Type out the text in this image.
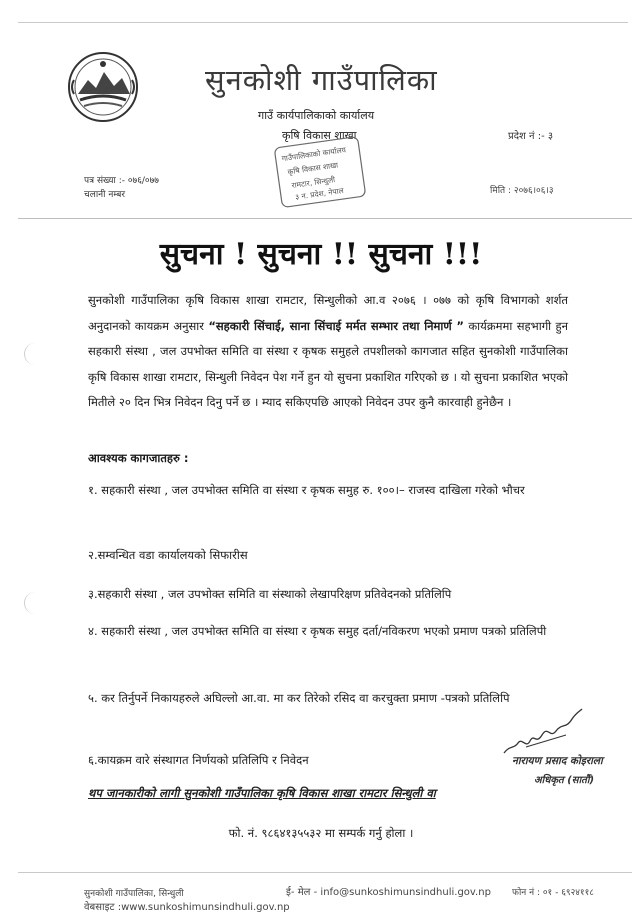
सुनकोशी गाउँपालिका
गाउँ कार्यपालिकाको कार्यालय
कृषि विकास शाखा	प्रदेश नं :- ३
गाउँपालिकाको कार्यालय
कृषि विकास शाखा
रामटार, सिन्धुली
३ न. प्रदेश, नेपाल
पत्र संख्या :- ०७६/०७७
चलानी नम्बर	मिति : २०७६।०६।३
सुचना ! सुचना !! सुचना !!!
सुनकोशी गाउँपालिका कृषि विकास शाखा रामटार, सिन्धुलीको आ.व २०७६ । ०७७ को कृषि विभागको शर्शत अनुदानको कायक्रम अनुसार “सहकारी सिंचाई, साना सिंचाई मर्मत सम्भार तथा निमार्ण ” कार्यक्रममा सहभागी हुन सहकारी संस्था , जल उपभोक्त समिति वा संस्था र कृषक समुहले तपशीलको कागजात सहित सुनकोशी गाउँपालिका कृषि विकास शाखा रामटार, सिन्धुली निवेदन पेश गर्ने हुन यो सुचना प्रकाशित गरिएको छ । यो सुचना प्रकाशित भएको मितीले २० दिन भित्र निवेदन दिनु पर्ने छ । म्याद सकिएपछि आएको निवेदन उपर कुनै कारवाही हुनेछैन ।
आवश्यक कागजातहरु :
१. सहकारी संस्था , जल उपभोक्त समिति वा संस्था र कृषक समुह रु. १००।– राजस्व दाखिला गरेको भौचर
२.सम्वन्धित वडा कार्यालयको सिफारीस
३.सहकारी संस्था , जल उपभोक्त समिति वा संस्थाको लेखापरिक्षण प्रतिवेदनको प्रतिलिपि
४. सहकारी संस्था , जल उपभोक्त समिति वा संस्था र कृषक समुह दर्ता/नविकरण भएको प्रमाण पत्रको प्रतिलिपी
५. कर तिर्नुपर्ने निकायहरुले अघिल्लो आ.वा. मा कर तिरेको रसिद वा करचुक्ता प्रमाण -पत्रको प्रतिलिपि
६.कायक्रम वारे संस्थागत निर्णयको प्रतिलिपि र निवेदन	नारायण प्रसाद कोइराला
अधिकृत (सातौं)
थप जानकारीको लागी सुनकोशी गाउँपालिका कृषि विकास शाखा रामटार सिन्धुली वा
फो. नं. ९८६४१३५५३२ मा सम्पर्क गर्नु होला ।
सुनकोशी गाउँपालिका, सिन्धुली	ई- मेल - info@sunkoshimunsindhuli.gov.np फोन नं : ०१ - ६९२४११८
वेबसाइट :www.sunkoshimunsindhuli.gov.np
